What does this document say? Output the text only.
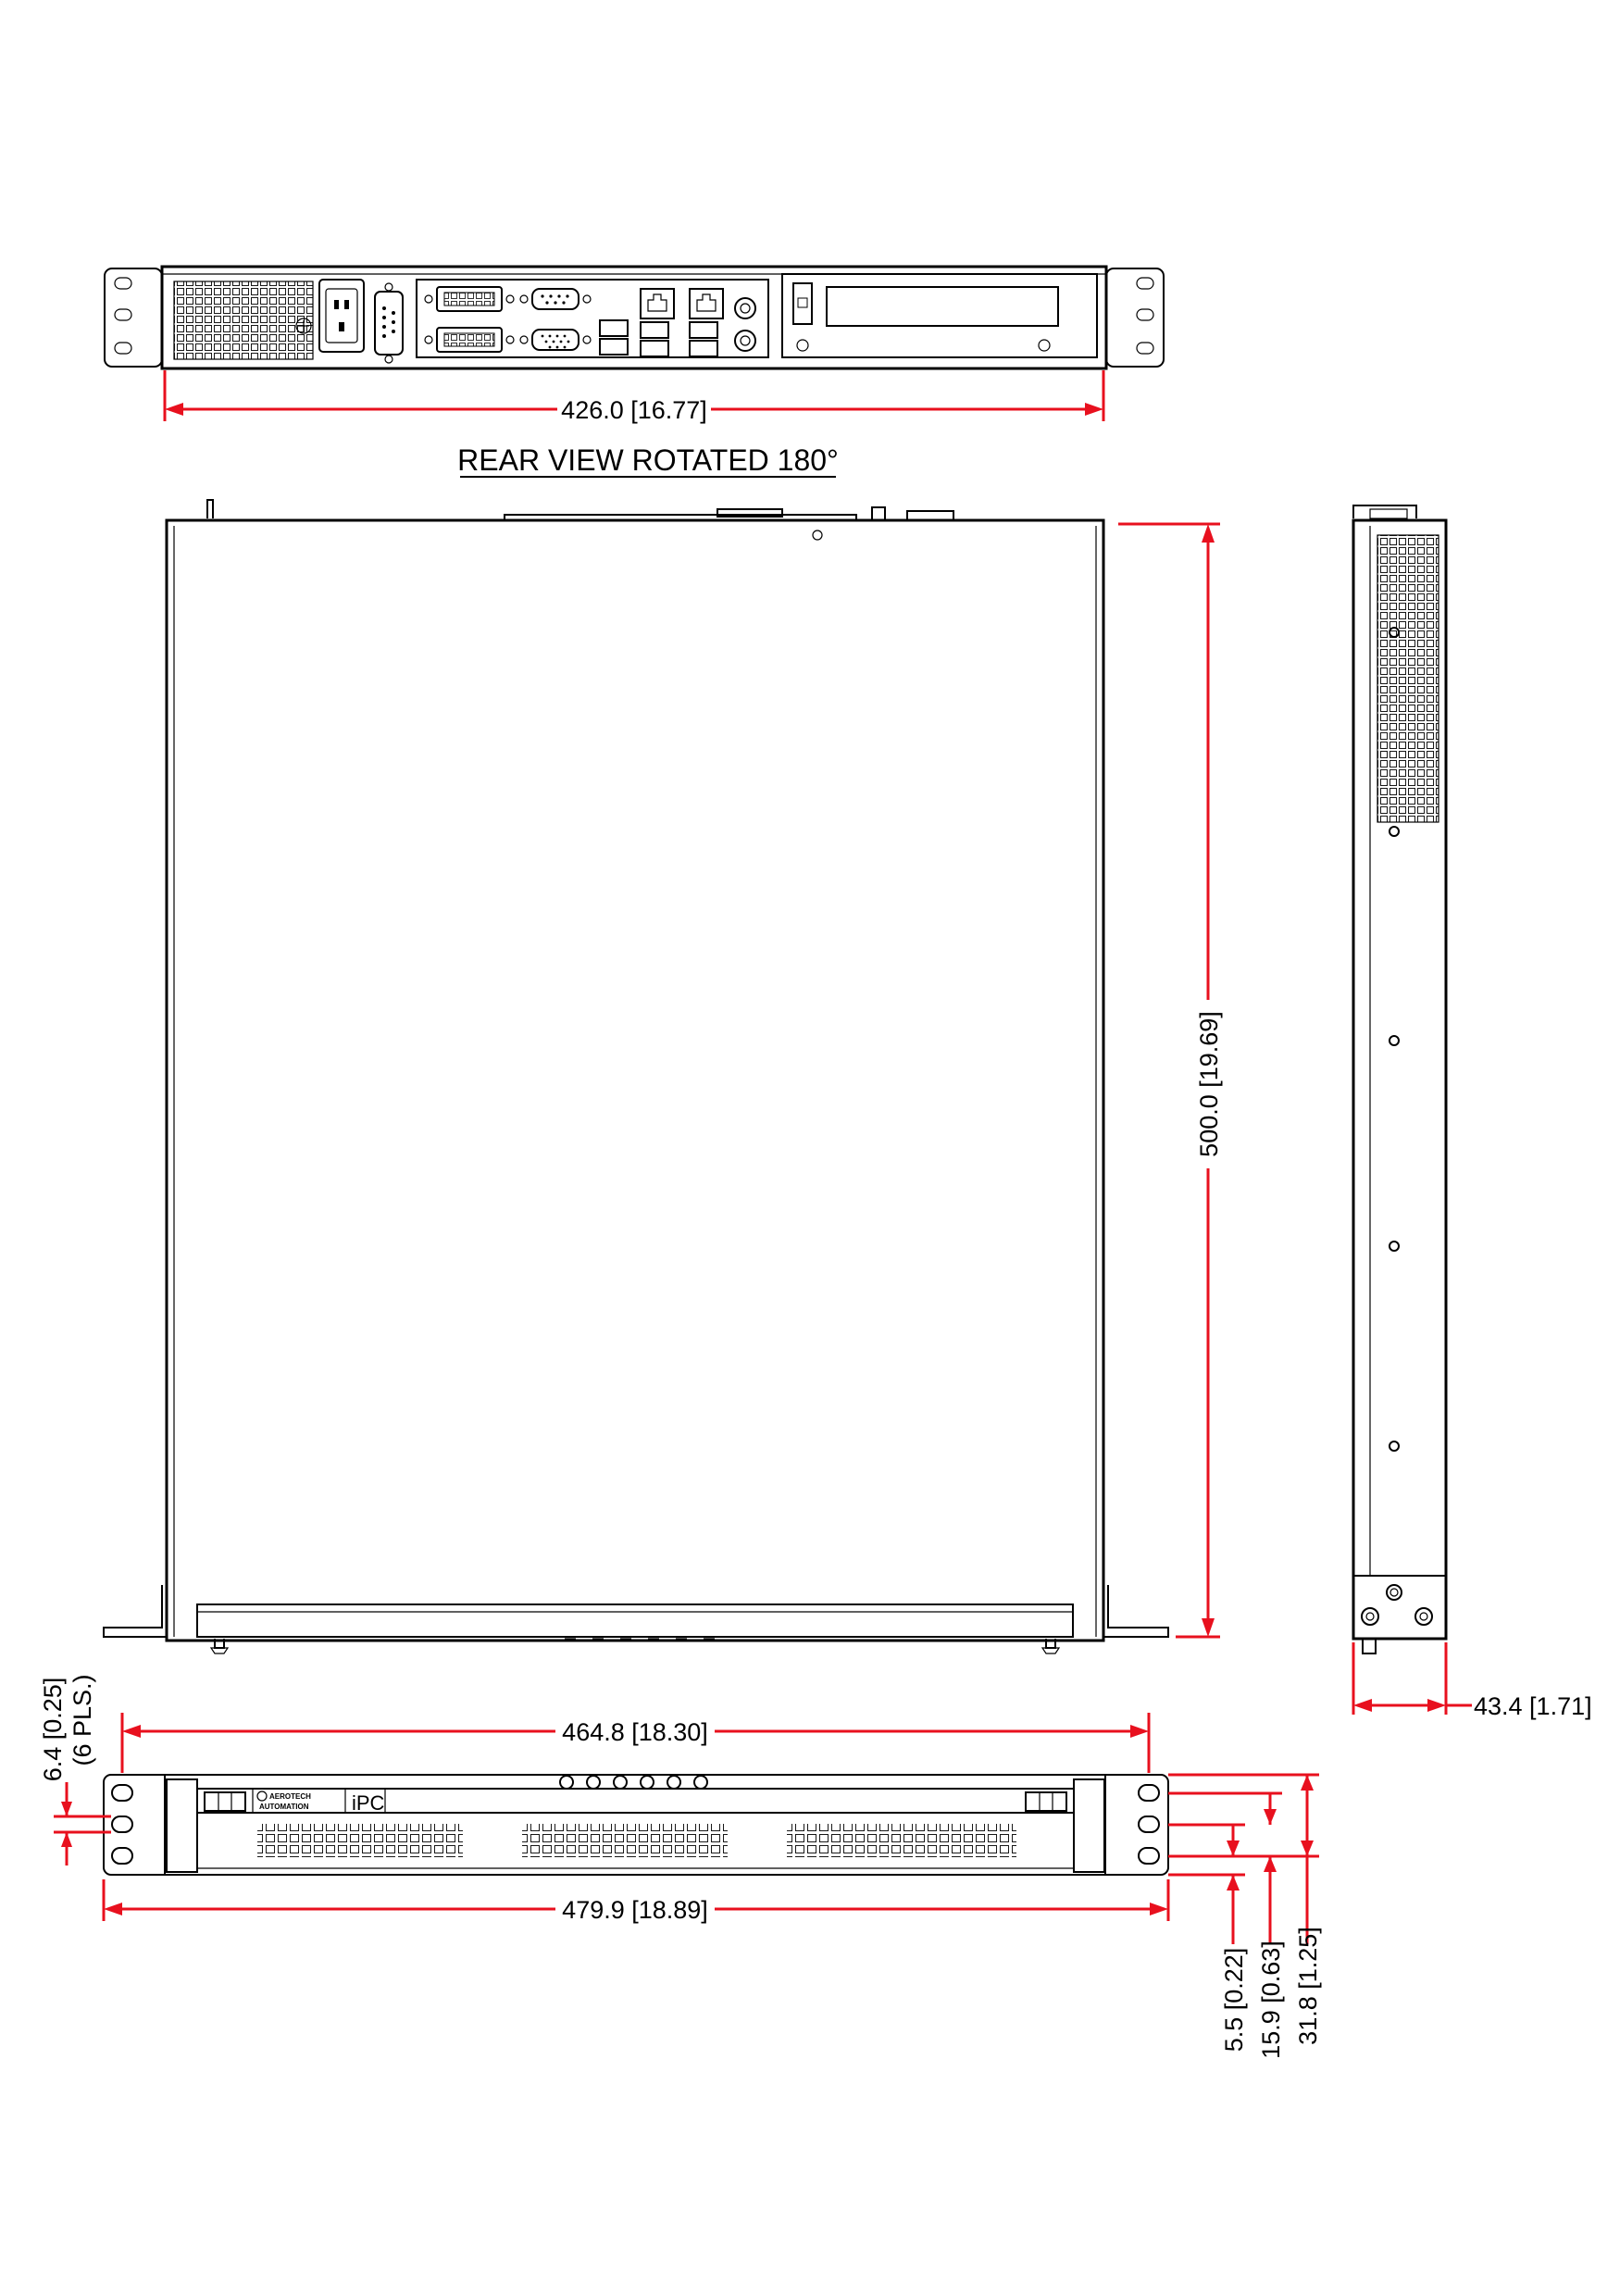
426.0 [16.77]
REAR VIEW ROTATED 180°
500.0 [19.69]
43.4 [1.71]
AEROTECH
AUTOMATION iPC
464.8 [18.30]
479.9 [18.89]
6.4 [0.25] (6 PLS.)
5.5 [0.22] 15.9 [0.63] 31.8 [1.25]
